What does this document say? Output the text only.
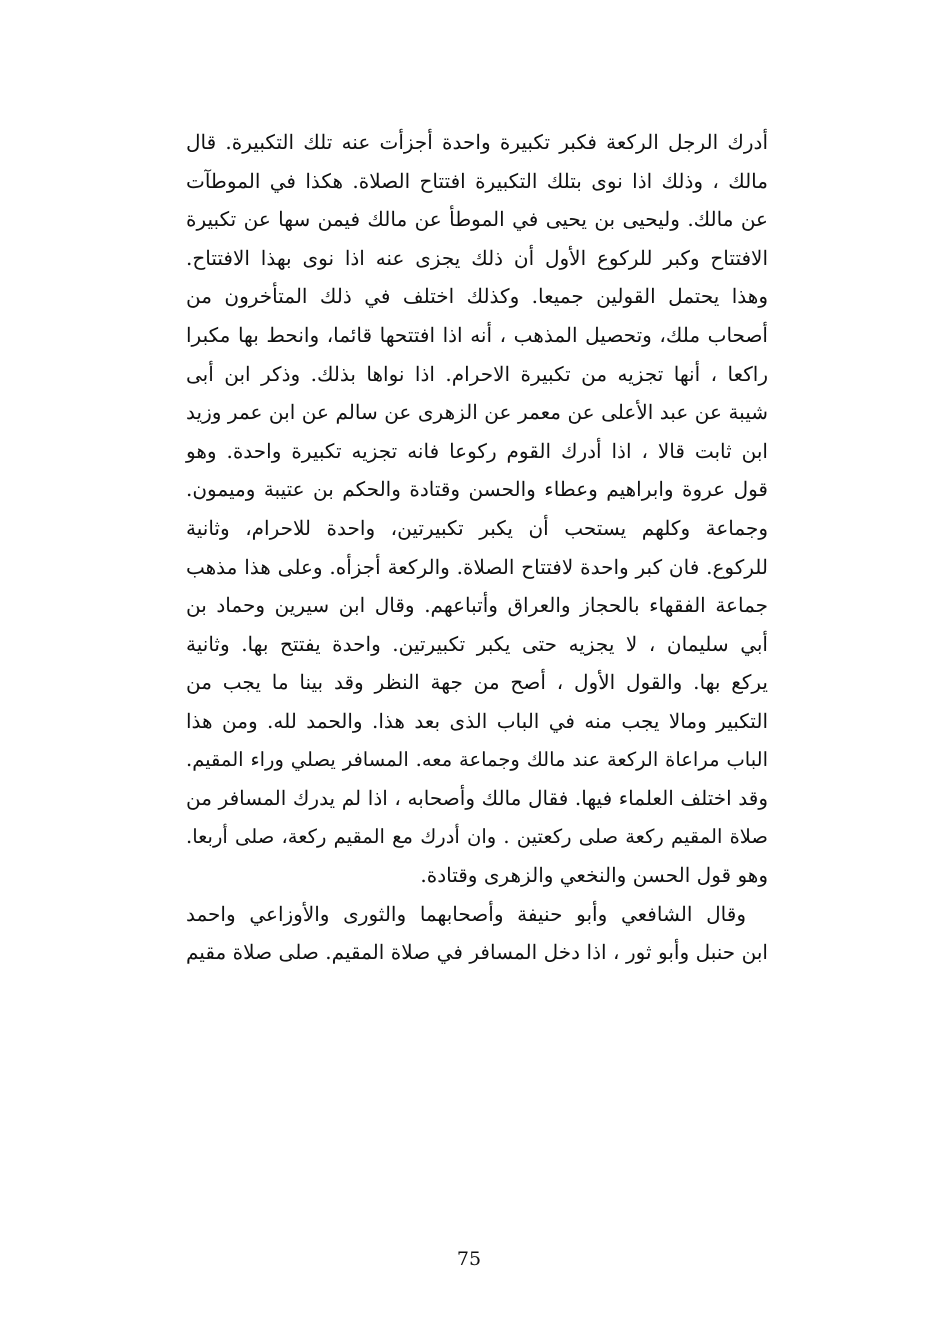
أدرك الرجل الركعة فكبر تكبيرة واحدة أجزأت عنه تلك التكبيرة. قال
مالك ، وذلك اذا نوى بتلك التكبيرة افتتاح الصلاة. هكذا في الموطآت
عن مالك. وليحيى بن يحيى في الموطأ عن مالك فيمن سها عن تكبيرة
الافتتاح وكبر للركوع الأول أن ذلك يجزى عنه اذا نوى بهذا الافتتاح.
وهذا يحتمل القولين جميعا. وكذلك اختلف في ذلك المتأخرون من
أصحاب ملك، وتحصيل المذهب ، أنه اذا افتتحها قائما، وانحط بها مكبرا
راكعا ، أنها تجزيه من تكبيرة الاحرام. اذا نواها بذلك. وذكر ابن أبى
شيبة عن عبد الأعلى عن معمر عن الزهرى عن سالم عن ابن عمر وزيد
ابن ثابت قالا ، اذا أدرك القوم ركوعا فانه تجزيه تكبيرة واحدة. وهو
قول عروة وابراهيم وعطاء والحسن وقتادة والحكم بن عتيبة وميمون.
وجماعة وكلهم يستحب أن يكبر تكبيرتين، واحدة للاحرام، وثانية
للركوع. فان كبر واحدة لافتتاح الصلاة. والركعة أجزأه. وعلى هذا مذهب
جماعة الفقهاء بالحجاز والعراق وأتباعهم. وقال ابن سيرين وحماد بن
أبي سليمان ، لا يجزيه حتى يكبر تكبيرتين. واحدة يفتتح بها. وثانية
يركع بها. والقول الأول ، أصح من جهة النظر وقد بينا ما يجب من
التكبير ومالا يجب منه في الباب الذى بعد هذا. والحمد لله. ومن هذا
الباب مراعاة الركعة عند مالك وجماعة معه. المسافر يصلي وراء المقيم.
وقد اختلف العلماء فيها. فقال مالك وأصحابه ، اذا لم يدرك المسافر من
صلاة المقيم ركعة صلى ركعتين . وان أدرك مع المقيم ركعة، صلى أربعا.
وهو قول الحسن والنخعي والزهرى وقتادة.
وقال الشافعي وأبو حنيفة وأصحابهما والثورى والأوزاعي واحمد
ابن حنبل وأبو ثور ، اذا دخل المسافر في صلاة المقيم. صلى صلاة مقيم
75
